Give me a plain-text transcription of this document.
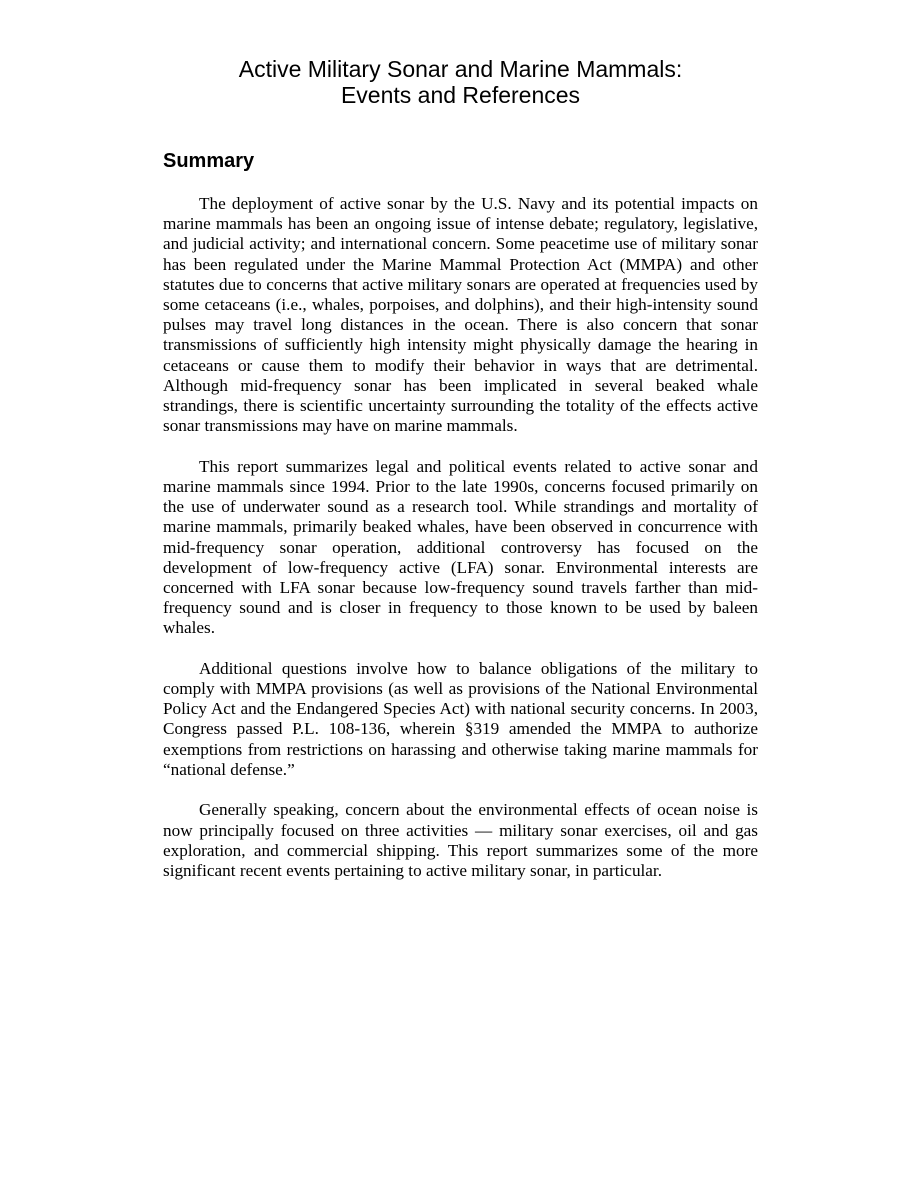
Active Military Sonar and Marine Mammals:
Events and References
Summary

The deployment of active sonar by the U.S. Navy and its potential impacts on marine mammals has been an ongoing issue of intense debate; regulatory, legislative, and judicial activity; and international concern. Some peacetime use of military sonar has been regulated under the Marine Mammal Protection Act (MMPA) and other statutes due to concerns that active military sonars are operated at frequencies used by some cetaceans (i.e., whales, porpoises, and dolphins), and their high-intensity sound pulses may travel long distances in the ocean. There is also concern that sonar transmissions of sufficiently high intensity might physically damage the hearing in cetaceans or cause them to modify their behavior in ways that are detrimental. Although mid-frequency sonar has been implicated in several beaked whale strandings, there is scientific uncertainty surrounding the totality of the effects active sonar transmissions may have on marine mammals.

This report summarizes legal and political events related to active sonar and marine mammals since 1994. Prior to the late 1990s, concerns focused primarily on the use of underwater sound as a research tool. While strandings and mortality of marine mammals, primarily beaked whales, have been observed in concurrence with mid-frequency sonar operation, additional controversy has focused on the development of low-frequency active (LFA) sonar. Environmental interests are concerned with LFA sonar because low-frequency sound travels farther than mid-frequency sound and is closer in frequency to those known to be used by baleen whales.

Additional questions involve how to balance obligations of the military to comply with MMPA provisions (as well as provisions of the National Environmental Policy Act and the Endangered Species Act) with national security concerns. In 2003, Congress passed P.L. 108-136, wherein §319 amended the MMPA to authorize exemptions from restrictions on harassing and otherwise taking marine mammals for “national defense.”

Generally speaking, concern about the environmental effects of ocean noise is now principally focused on three activities — military sonar exercises, oil and gas exploration, and commercial shipping. This report summarizes some of the more significant recent events pertaining to active military sonar, in particular.
